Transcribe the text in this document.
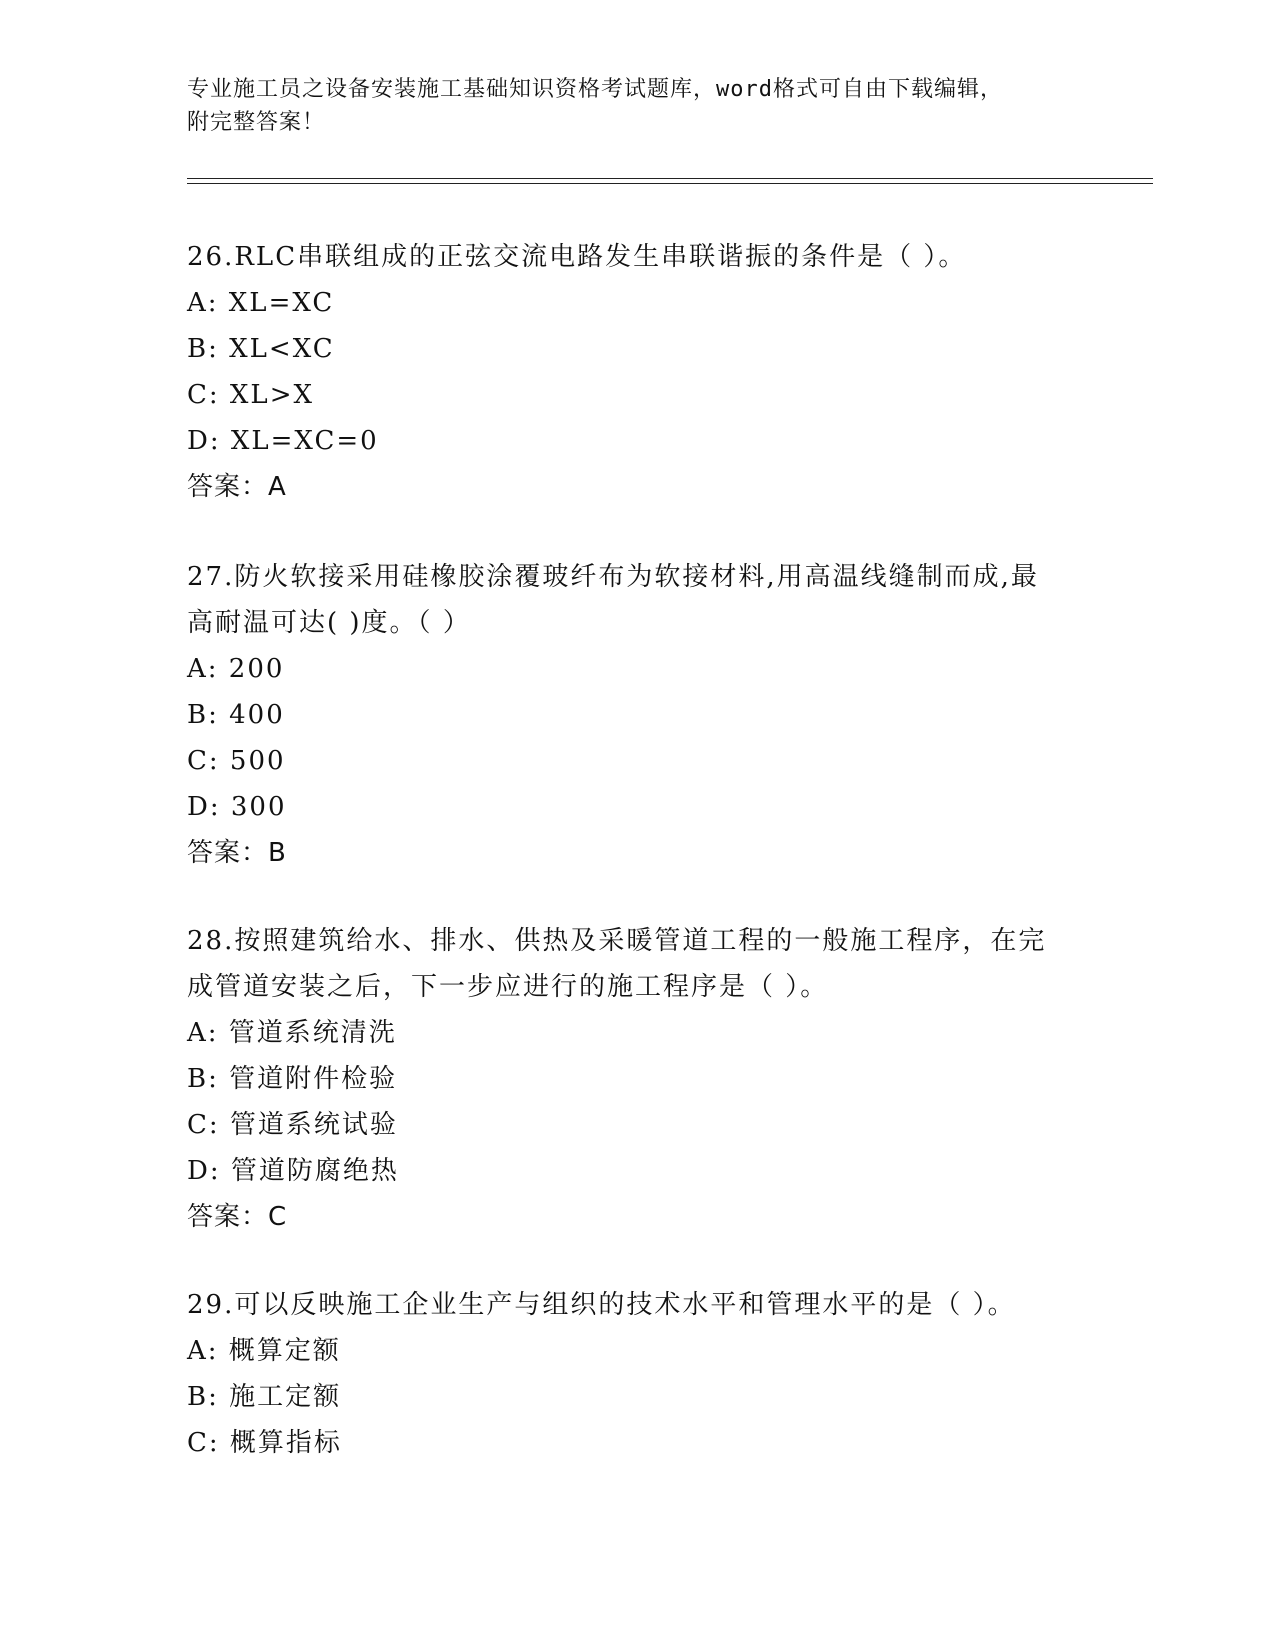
专业施工员之设备安装施工基础知识资格考试题库，word格式可自由下载编辑，
附完整答案！

26.RLC串联组成的正弦交流电路发生串联谐振的条件是（ ）。

A: XL=XC

B: XL<XC

C: XL>X

D: XL=XC=0

答案：A

27.防火软接采用硅橡胶涂覆玻纤布为软接材料,用高温线缝制而成,最

高耐温可达( )度。（ ）

A: 200

B: 400

C: 500

D: 300

答案：B

28.按照建筑给水、排水、供热及采暖管道工程的一般施工程序，在完

成管道安装之后，下一步应进行的施工程序是（ ）。

A: 管道系统清洗

B: 管道附件检验

C: 管道系统试验

D: 管道防腐绝热

答案：C

29.可以反映施工企业生产与组织的技术水平和管理水平的是（ ）。

A: 概算定额

B: 施工定额

C: 概算指标
